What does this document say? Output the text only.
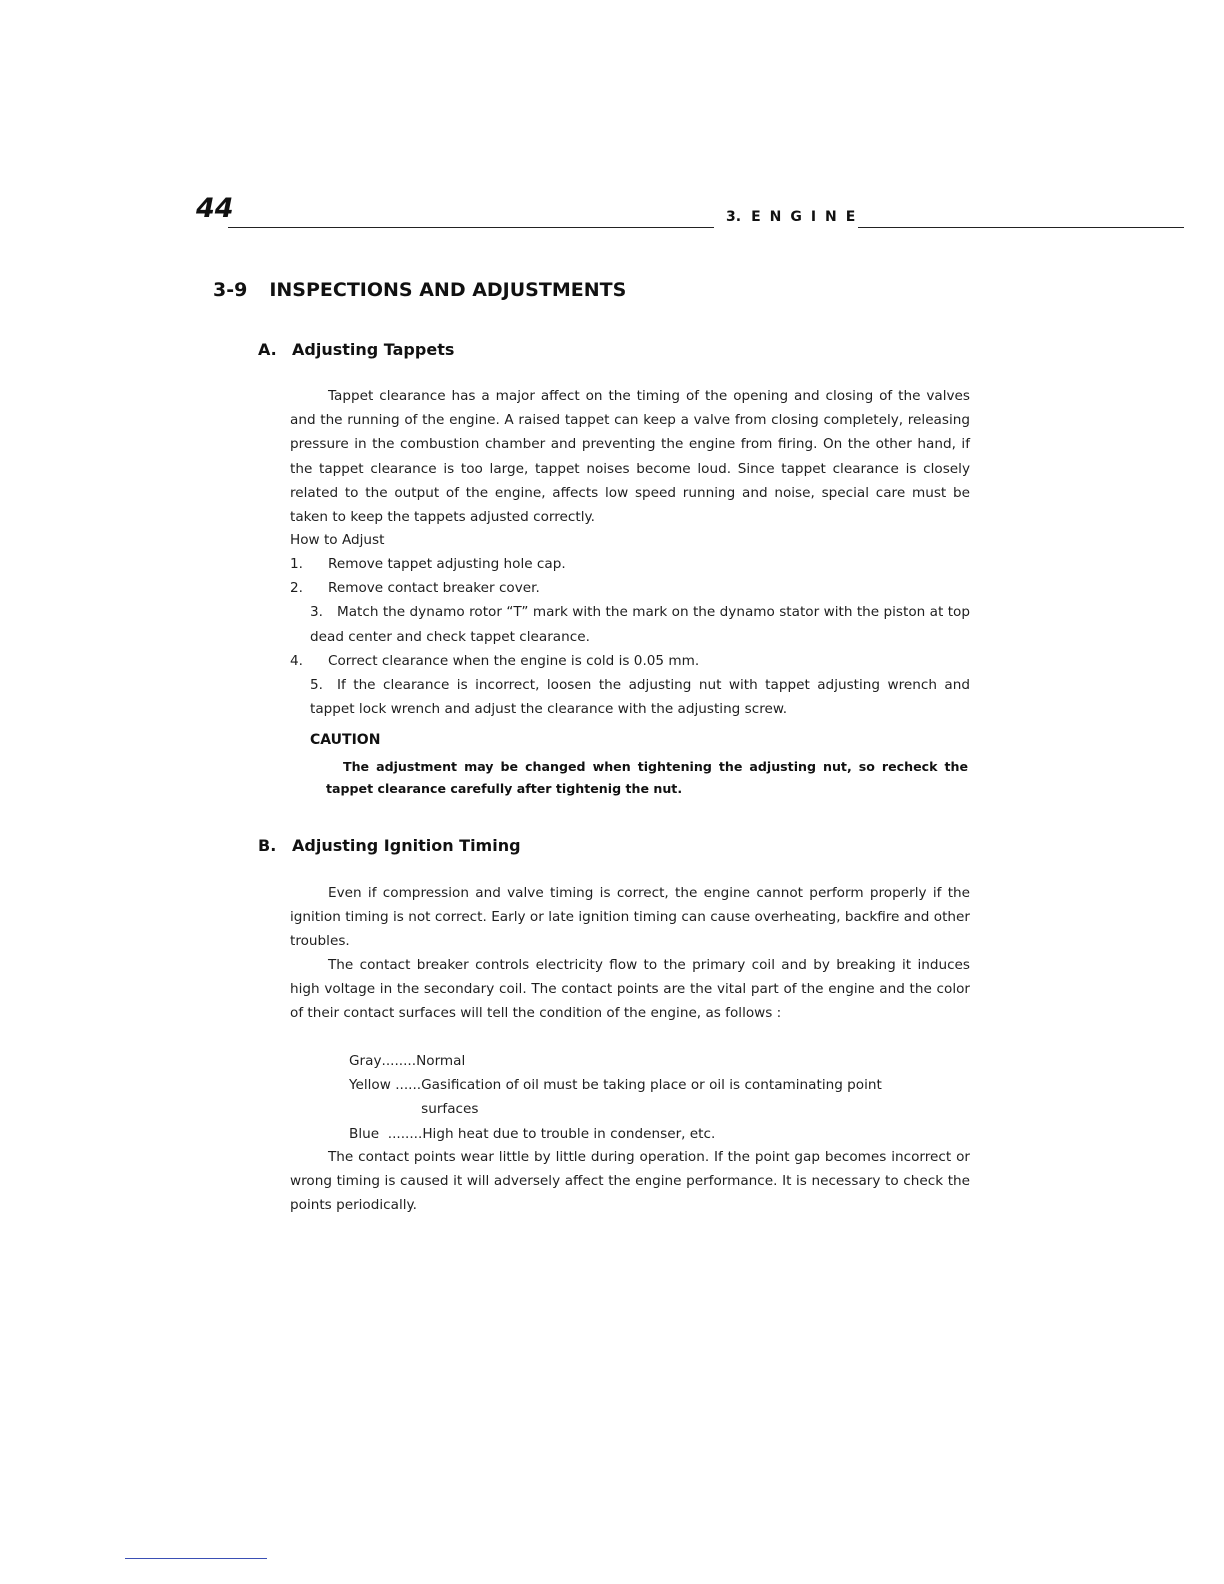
44	3. ENGINE
3-9 INSPECTIONS AND ADJUSTMENTS
A. Adjusting Tappets

Tappet clearance has a major affect on the timing of the opening and closing of the valves and the running of the engine. A raised tappet can keep a valve from closing completely, releasing pressure in the combustion chamber and preventing the engine from firing. On the other hand, if the tappet clearance is too large, tappet noises become loud. Since tappet clearance is closely related to the output of the engine, affects low speed running and noise, special care must be taken to keep the tappets adjusted correctly.

How to Adjust

1. Remove tappet adjusting hole cap.
2. Remove contact breaker cover.
3. Match the dynamo rotor “T” mark with the mark on the dynamo stator with the piston at top dead center and check tappet clearance.
4. Correct clearance when the engine is cold is 0.05 mm.
5. If the clearance is incorrect, loosen the adjusting nut with tappet adjusting wrench and tappet lock wrench and adjust the clearance with the adjusting screw.
CAUTION

The adjustment may be changed when tightening the adjusting nut, so recheck the tappet clearance carefully after tightenig the nut.

B. Adjusting Ignition Timing

Even if compression and valve timing is correct, the engine cannot perform properly if the ignition timing is not correct. Early or late ignition timing can cause overheating, backfire and other troubles.

The contact breaker controls electricity flow to the primary coil and by breaking it induces high voltage in the secondary coil. The contact points are the vital part of the engine and the color of their contact surfaces will tell the condition of the engine, as follows :

Gray........Normal
Yellow ......Gasification of oil must be taking place or oil is contaminating point surfaces
Blue ........High heat due to trouble in condenser, etc.

The contact points wear little by little during operation. If the point gap becomes incorrect or wrong timing is caused it will adversely affect the engine performance. It is necessary to check the points periodically.
